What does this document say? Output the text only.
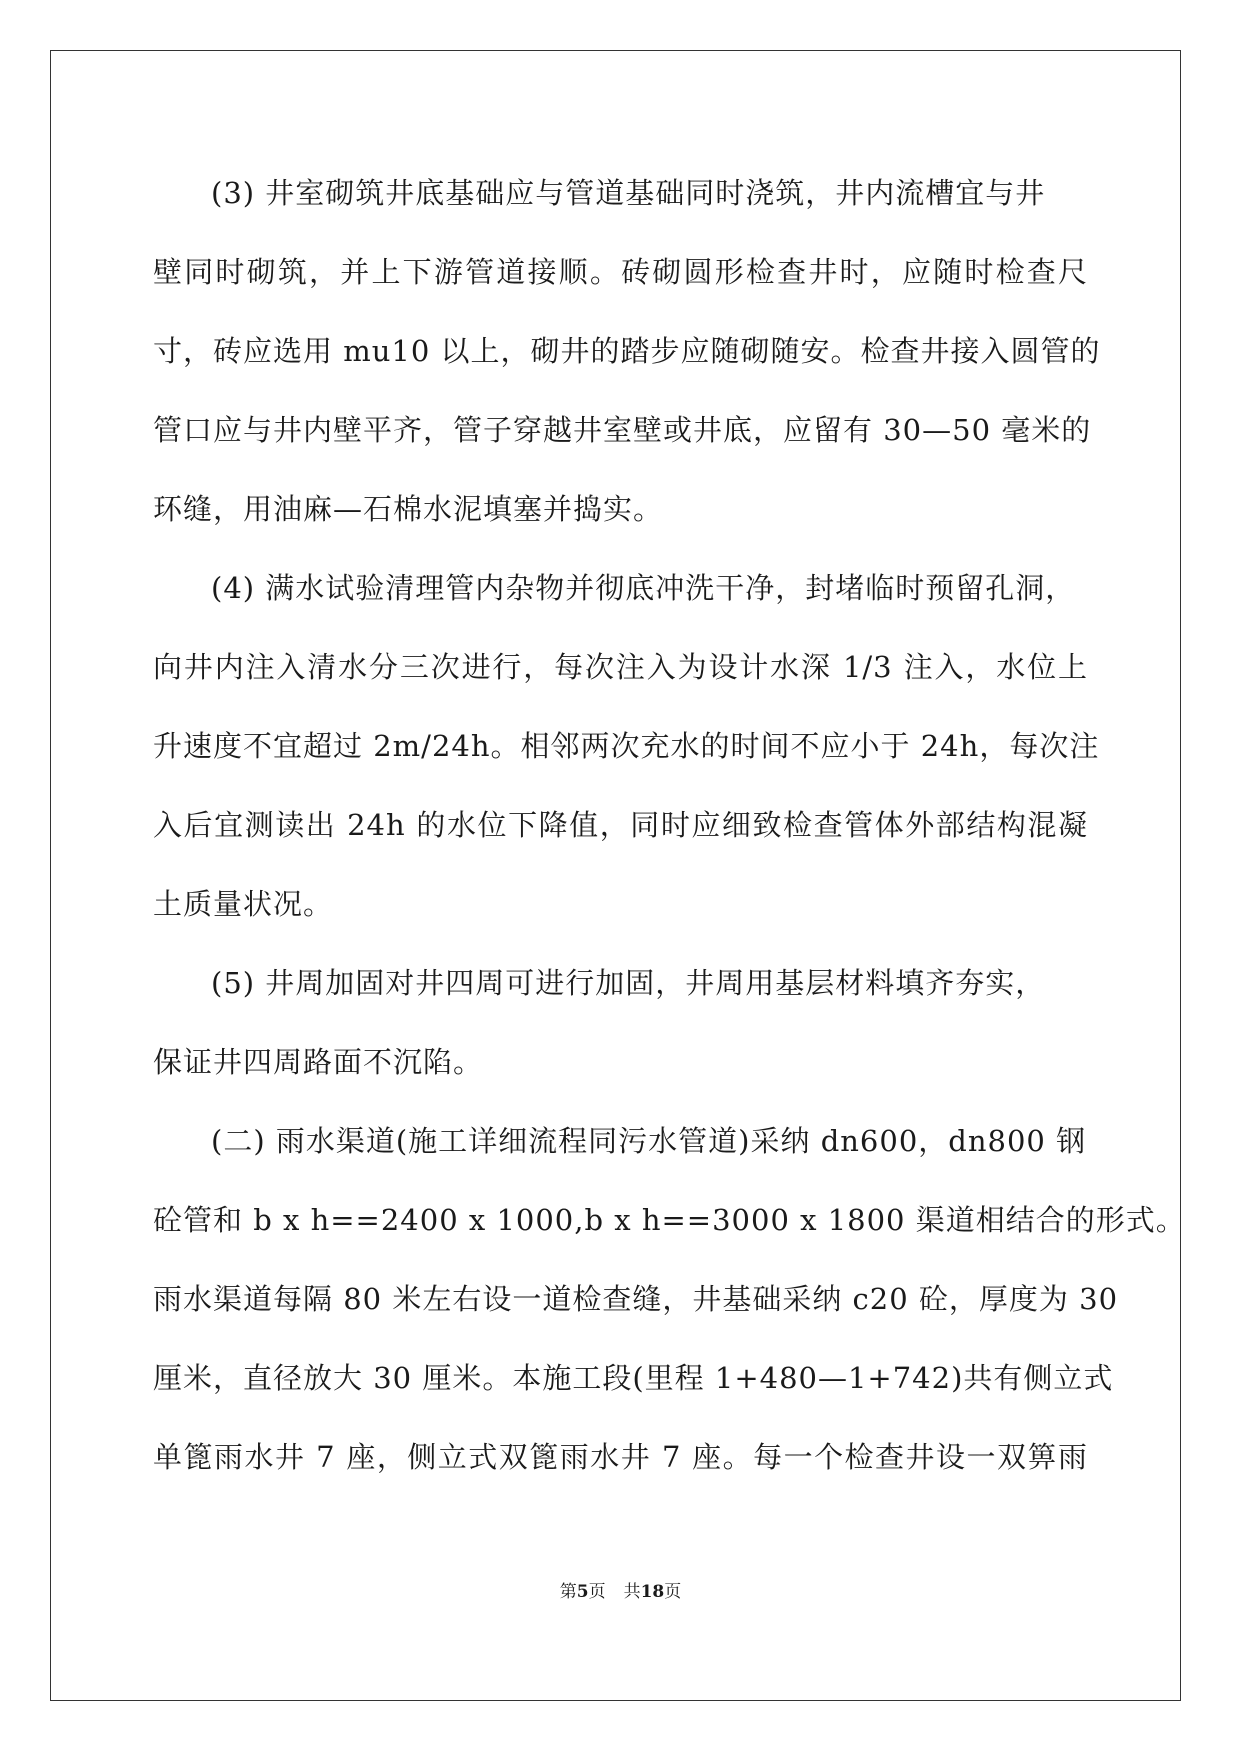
(3) 井室砌筑井底基础应与管道基础同时浇筑，井内流槽宜与井
壁同时砌筑，并上下游管道接顺。砖砌圆形检查井时，应随时检查尺
寸，砖应选用 mu10 以上，砌井的踏步应随砌随安。检查井接入圆管的
管口应与井内壁平齐，管子穿越井室壁或井底，应留有 30—50 毫米的
环缝，用油麻—石棉水泥填塞并捣实。
(4) 满水试验清理管内杂物并彻底冲洗干净，封堵临时预留孔洞，
向井内注入清水分三次进行，每次注入为设计水深 1/3 注入，水位上
升速度不宜超过 2m/24h。相邻两次充水的时间不应小于 24h，每次注
入后宜测读出 24h 的水位下降值，同时应细致检查管体外部结构混凝
土质量状况。
(5) 井周加固对井四周可进行加固，井周用基层材料填齐夯实，
保证井四周路面不沉陷。
(二) 雨水渠道(施工详细流程同污水管道)采纳 dn600，dn800 钢
砼管和 b x h==2400 x 1000,b x h==3000 x 1800 渠道相结合的形式。
雨水渠道每隔 80 米左右设一道检查缝，井基础采纳 c20 砼，厚度为 30
厘米，直径放大 30 厘米。本施工段(里程 1+480—1+742)共有侧立式
单篦雨水井 7 座，侧立式双篦雨水井 7 座。每一个检查井设一双箅雨
第5页 共18页
